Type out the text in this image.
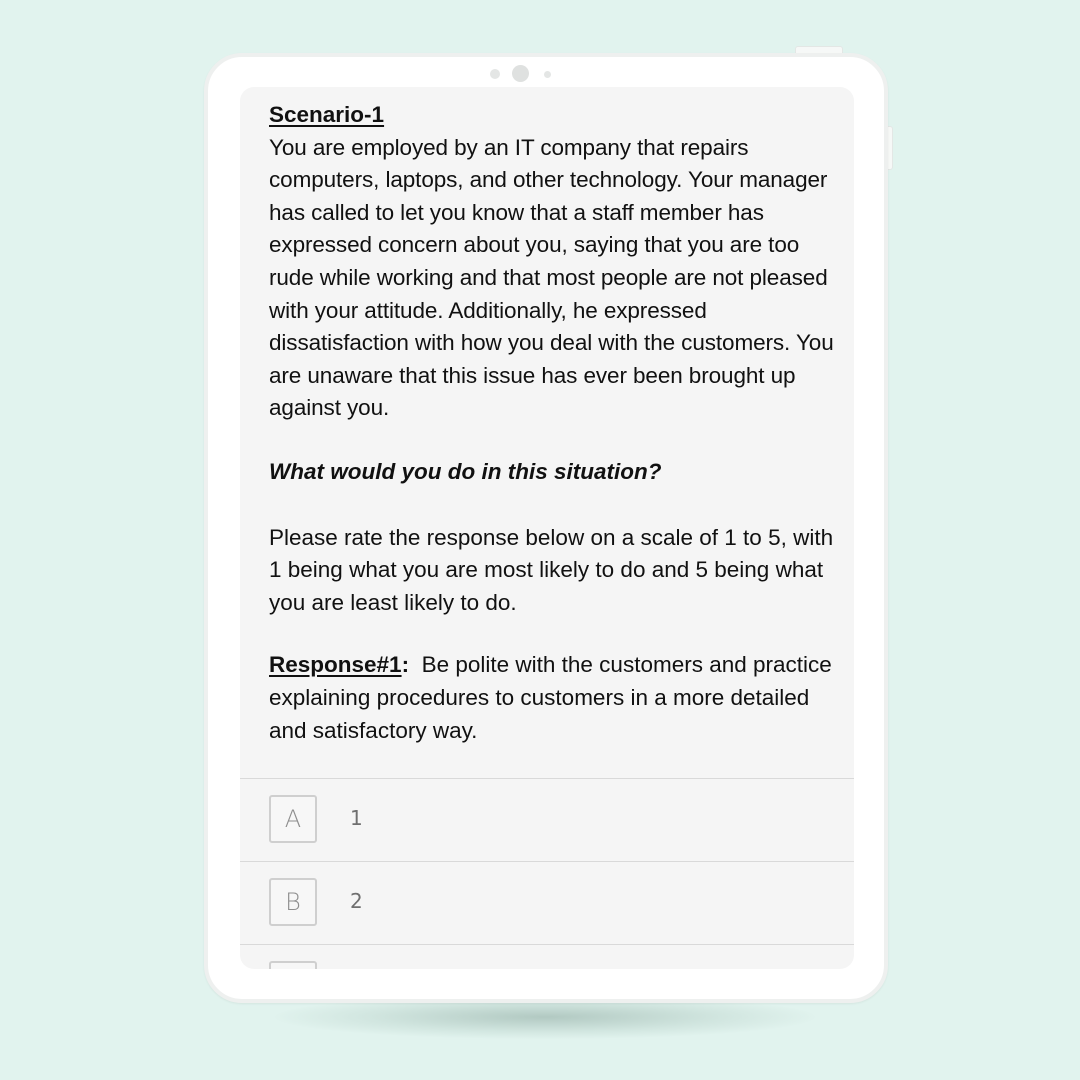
Scenario-1

You are employed by an IT company that repairs computers, laptops, and other technology. Your manager has called to let you know that a staff member has expressed concern about you, saying that you are too rude while working and that most people are not pleased with your attitude. Additionally, he expressed dissatisfaction with how you deal with the customers. You are unaware that this issue has ever been brought up against you.

What would you do in this situation?

Please rate the response below on a scale of 1 to 5, with 1 being what you are most likely to do and 5 being what you are least likely to do.

Response#1: Be polite with the customers and practice explaining procedures to customers in a more detailed and satisfactory way.

A	1
B	2
